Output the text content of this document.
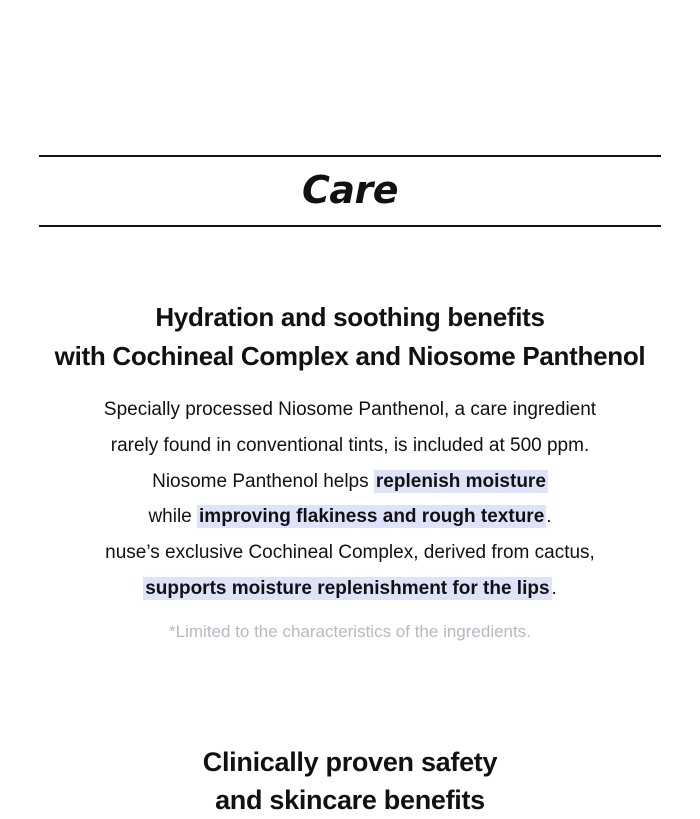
Care
Hydration and soothing benefits
with Cochineal Complex and Niosome Panthenol
Specially processed Niosome Panthenol, a care ingredient
rarely found in conventional tints, is included at 500 ppm.
Niosome Panthenol helps replenish moisture
while improving flakiness and rough texture .
nuse’s exclusive Cochineal Complex, derived from cactus,
supports moisture replenishment for the lips .
*Limited to the characteristics of the ingredients.
Clinically proven safety
and skincare benefits
